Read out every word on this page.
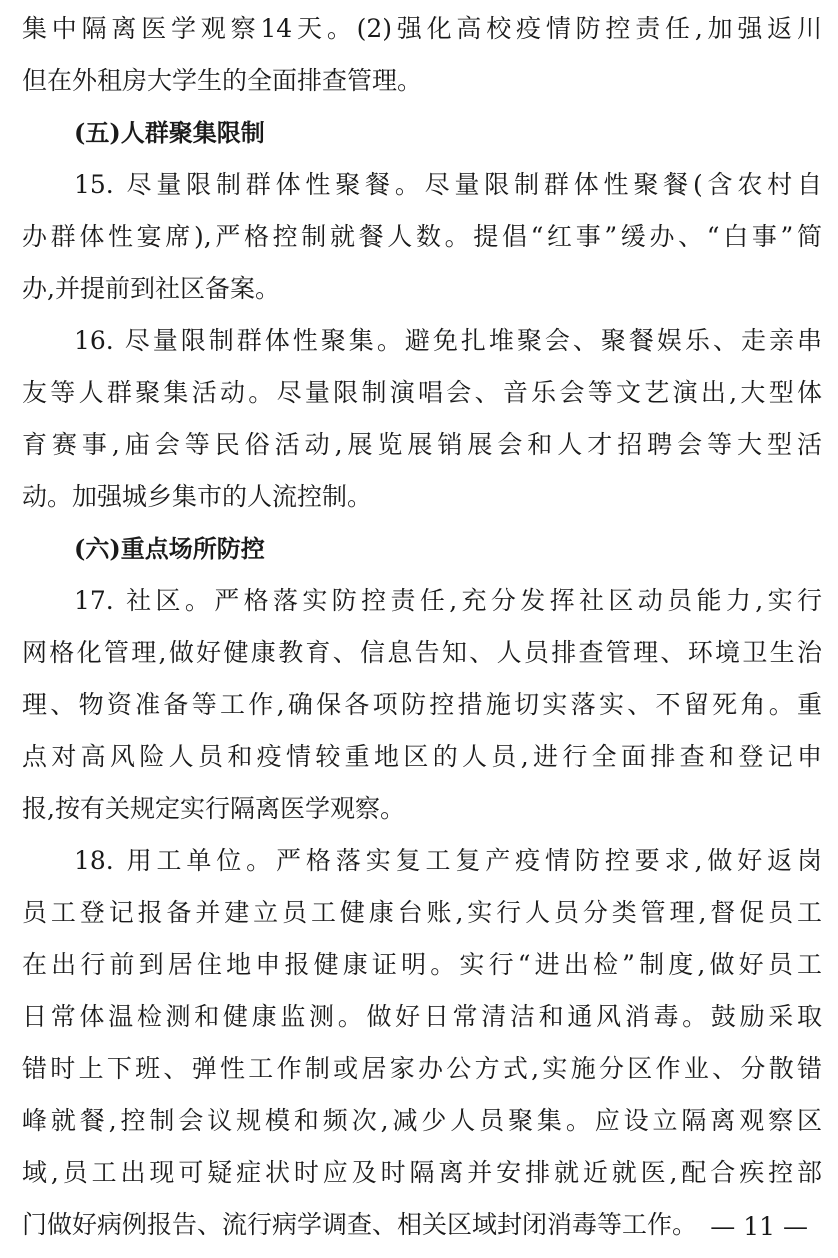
集中隔离医学观察14天。(2)强化高校疫情防控责任,加强返川
但在外租房大学生的全面排查管理。
(五)人群聚集限制
15. 尽量限制群体性聚餐。尽量限制群体性聚餐(含农村自
办群体性宴席),严格控制就餐人数。提倡“红事”缓办、“白事”简
办,并提前到社区备案。
16. 尽量限制群体性聚集。避免扎堆聚会、聚餐娱乐、走亲串
友等人群聚集活动。尽量限制演唱会、音乐会等文艺演出,大型体
育赛事,庙会等民俗活动,展览展销展会和人才招聘会等大型活
动。加强城乡集市的人流控制。
(六)重点场所防控
17. 社区。严格落实防控责任,充分发挥社区动员能力,实行
网格化管理,做好健康教育、信息告知、人员排查管理、环境卫生治
理、物资准备等工作,确保各项防控措施切实落实、不留死角。重
点对高风险人员和疫情较重地区的人员,进行全面排查和登记申
报,按有关规定实行隔离医学观察。
18. 用工单位。严格落实复工复产疫情防控要求,做好返岗
员工登记报备并建立员工健康台账,实行人员分类管理,督促员工
在出行前到居住地申报健康证明。实行“进出检”制度,做好员工
日常体温检测和健康监测。做好日常清洁和通风消毒。鼓励采取
错时上下班、弹性工作制或居家办公方式,实施分区作业、分散错
峰就餐,控制会议规模和频次,减少人员聚集。应设立隔离观察区
域,员工出现可疑症状时应及时隔离并安排就近就医,配合疾控部
门做好病例报告、流行病学调查、相关区域封闭消毒等工作。 — 11 —
